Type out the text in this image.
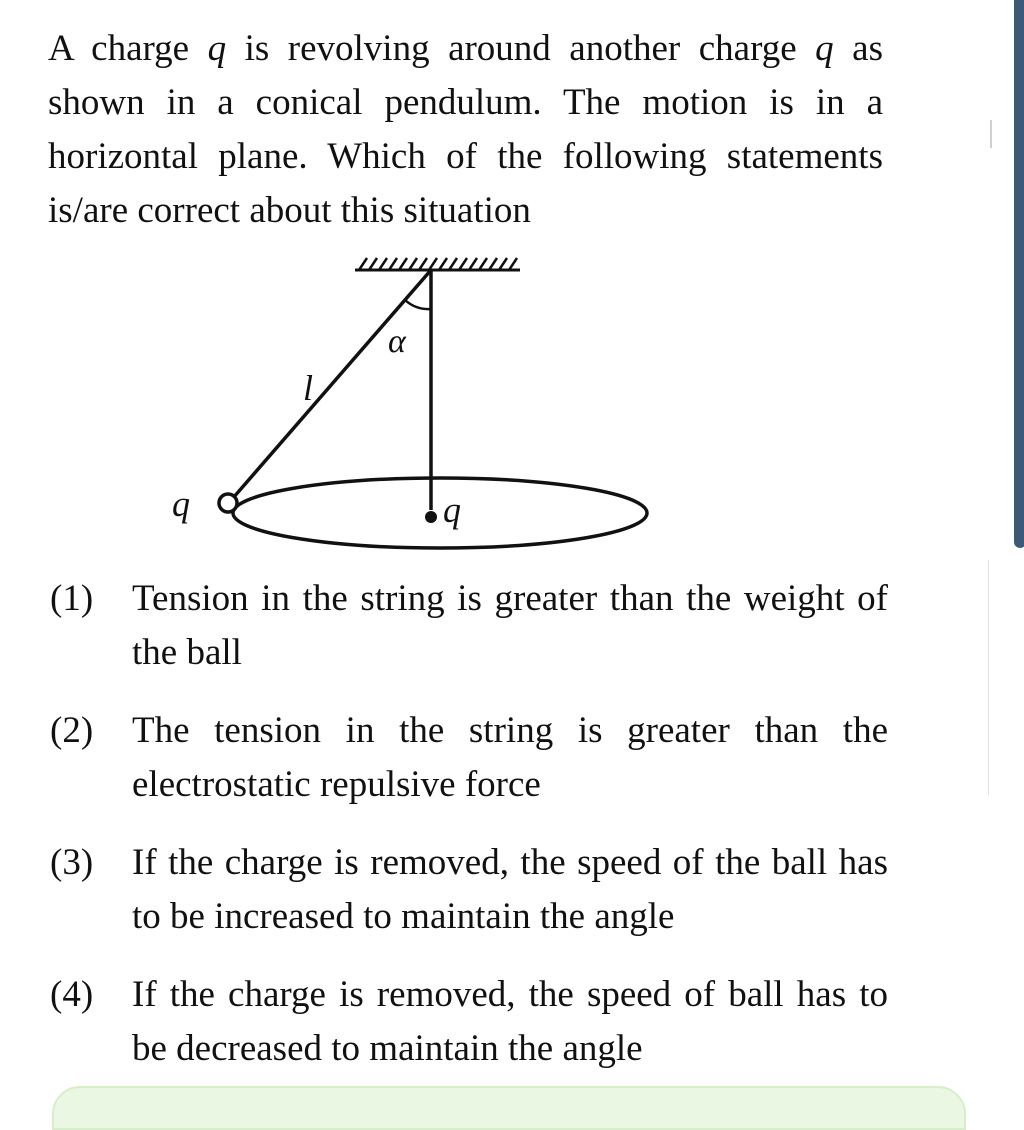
A charge q is revolving around another charge q as shown in a conical pendulum. The motion is in a horizontal plane. Which of the following statements is/are correct about this situation
α
l
q	q
(1) Tension in the string is greater than the weight of the ball
(2) The tension in the string is greater than the electrostatic repulsive force
(3) If the charge is removed, the speed of the ball has to be increased to maintain the angle
(4) If the charge is removed, the speed of ball has to be decreased to maintain the angle
